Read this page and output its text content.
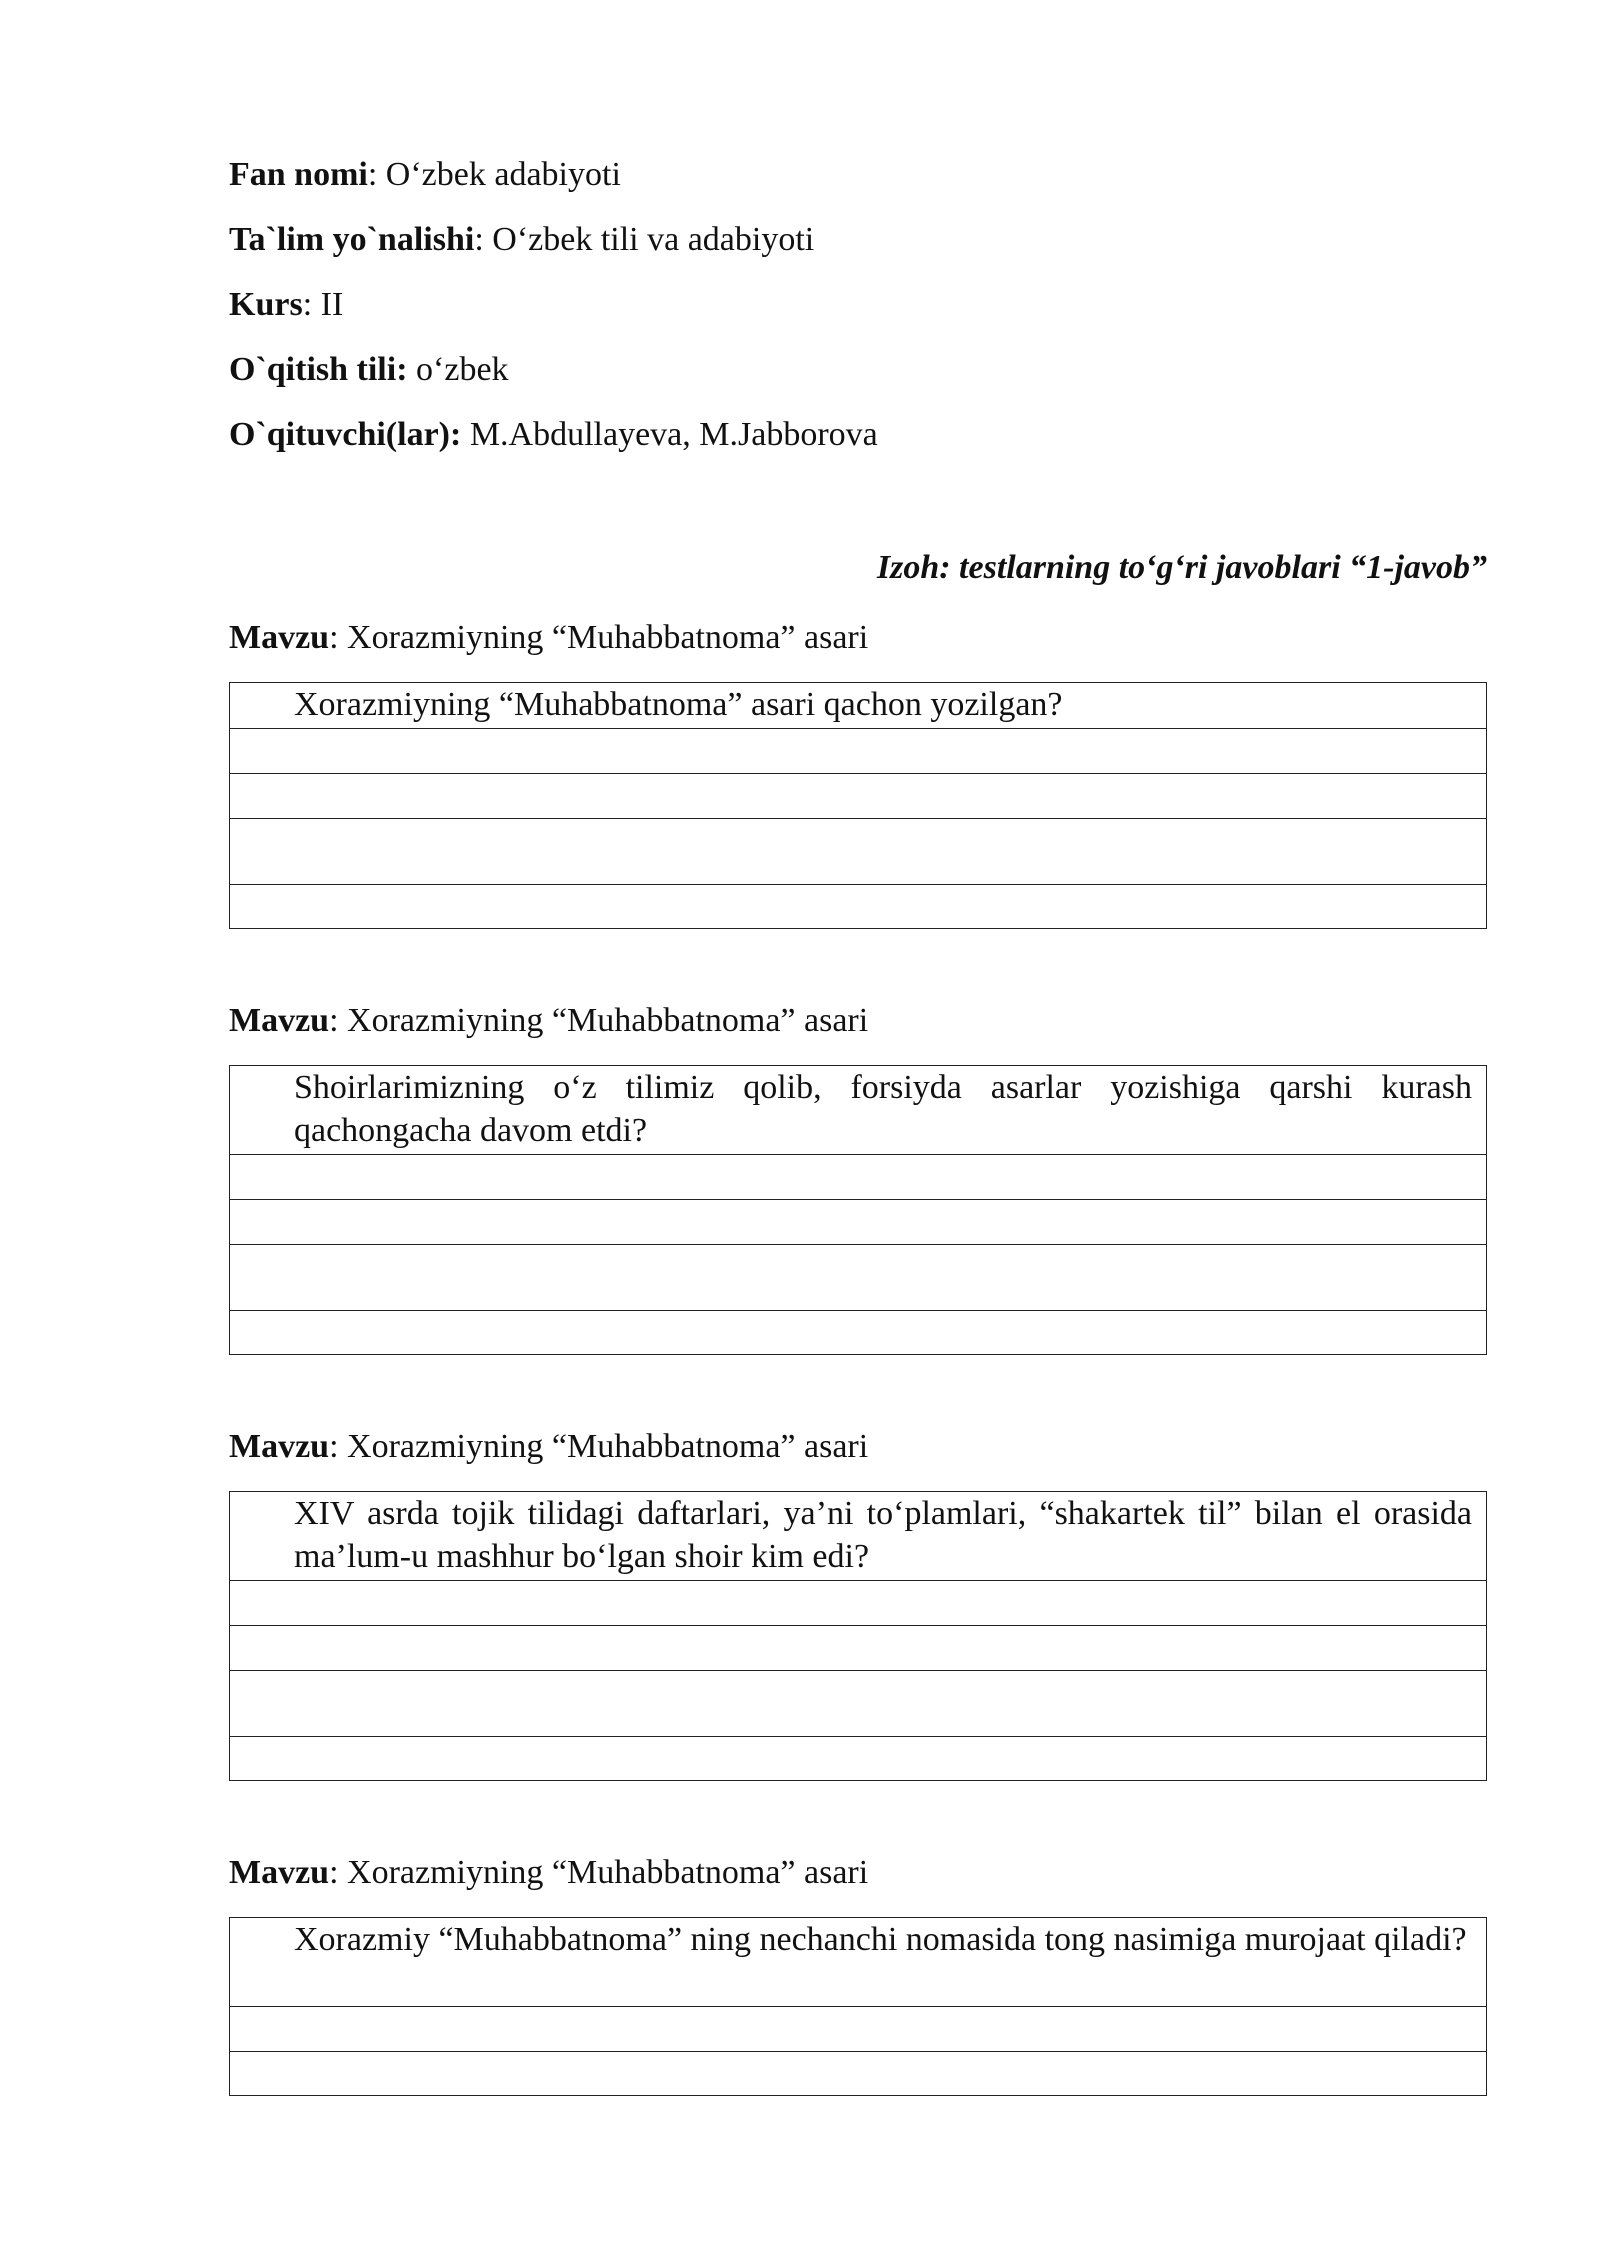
Fan nomi: O‘zbek adabiyoti
Ta`lim yo`nalishi: O‘zbek tili va adabiyoti
Kurs: II
O`qitish tili: o‘zbek
O`qituvchi(lar): M.Abdullayeva, M.Jabborova
Izoh: testlarning to‘g‘ri javoblari “1-javob”
Mavzu: Xorazmiyning “Muhabbatnoma” asari
Xorazmiyning “Muhabbatnoma” asari qachon yozilgan?
Mavzu: Xorazmiyning “Muhabbatnoma” asari
Shoirlarimizning o‘z tilimiz qolib, forsiyda asarlar yozishiga qarshi kurash qachongacha davom etdi?
Mavzu: Xorazmiyning “Muhabbatnoma” asari
XIV asrda tojik tilidagi daftarlari, ya’ni to‘plamlari, “shakartek til” bilan el orasida ma’lum-u mashhur bo‘lgan shoir kim edi?
Mavzu: Xorazmiyning “Muhabbatnoma” asari
Xorazmiy “Muhabbatnoma” ning nechanchi nomasida tong nasimiga murojaat qiladi?
